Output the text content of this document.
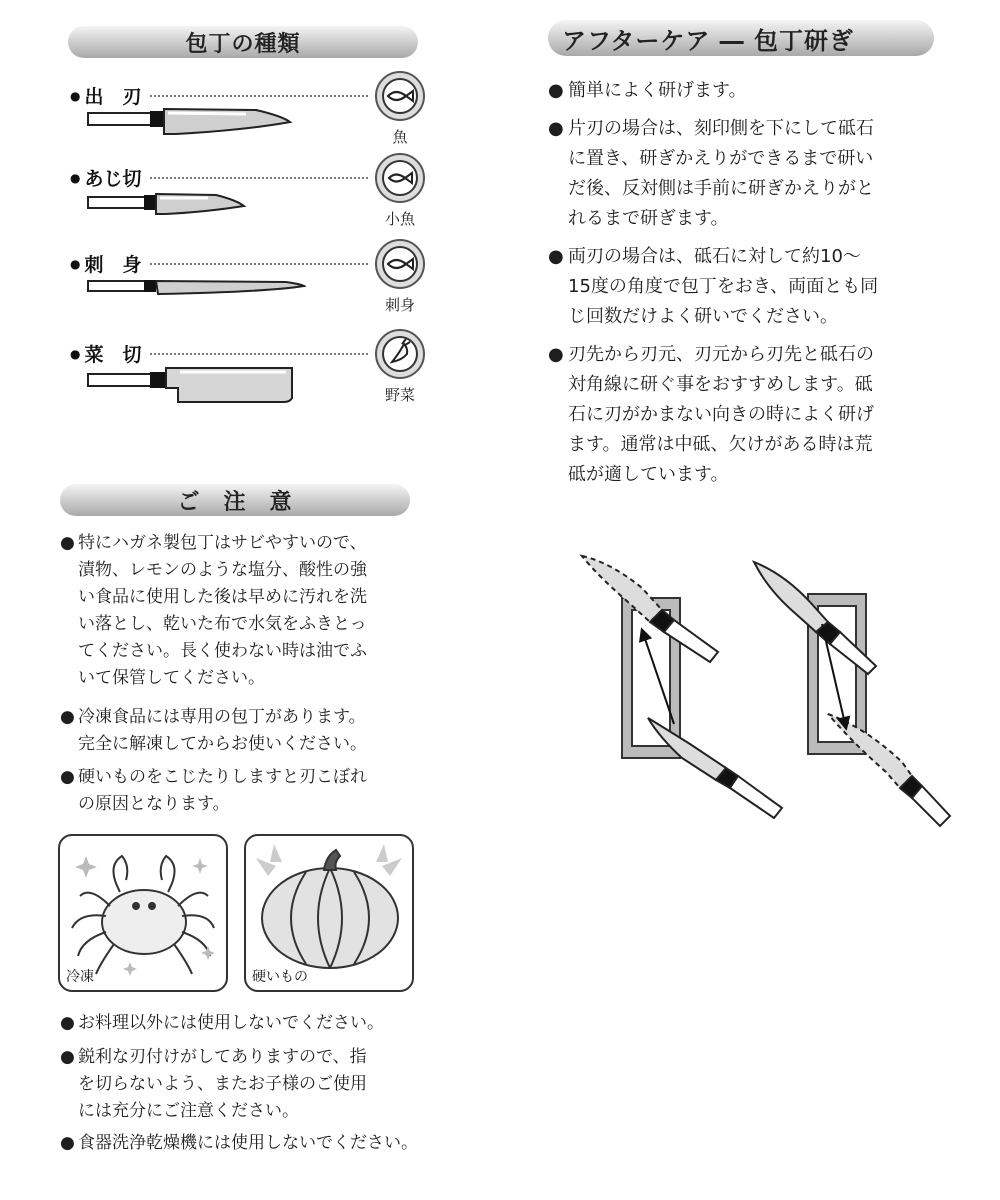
包丁の種類
● 出　刃
魚
● あじ切
小魚
● 刺　身
刺身
● 菜　切
野菜
ご　注　意
● 特にハガネ製包丁はサビやすいので、
漬物、レモンのような塩分、酸性の強
い食品に使用した後は早めに汚れを洗
い落とし、乾いた布で水気をふきとっ
てください。長く使わない時は油でふ
いて保管してください。
● 冷凍食品には専用の包丁があります。
完全に解凍してからお使いください。
● 硬いものをこじたりしますと刃こぼれ
の原因となります。
冷凍	硬いもの
● お料理以外には使用しないでください。
● 鋭利な刃付けがしてありますので、指
を切らないよう、またお子様のご使用
には充分にご注意ください。
● 食器洗浄乾燥機には使用しないでください。
アフターケア ― 包丁研ぎ
● 簡単によく研げます。
● 片刃の場合は、刻印側を下にして砥石
に置き、研ぎかえりができるまで研い
だ後、反対側は手前に研ぎかえりがと
れるまで研ぎます。
● 両刃の場合は、砥石に対して約10～
15度の角度で包丁をおき、両面とも同
じ回数だけよく研いでください。
● 刃先から刃元、刃元から刃先と砥石の
対角線に研ぐ事をおすすめします。砥
石に刃がかまない向きの時によく研げ
ます。通常は中砥、欠けがある時は荒
砥が適しています。
